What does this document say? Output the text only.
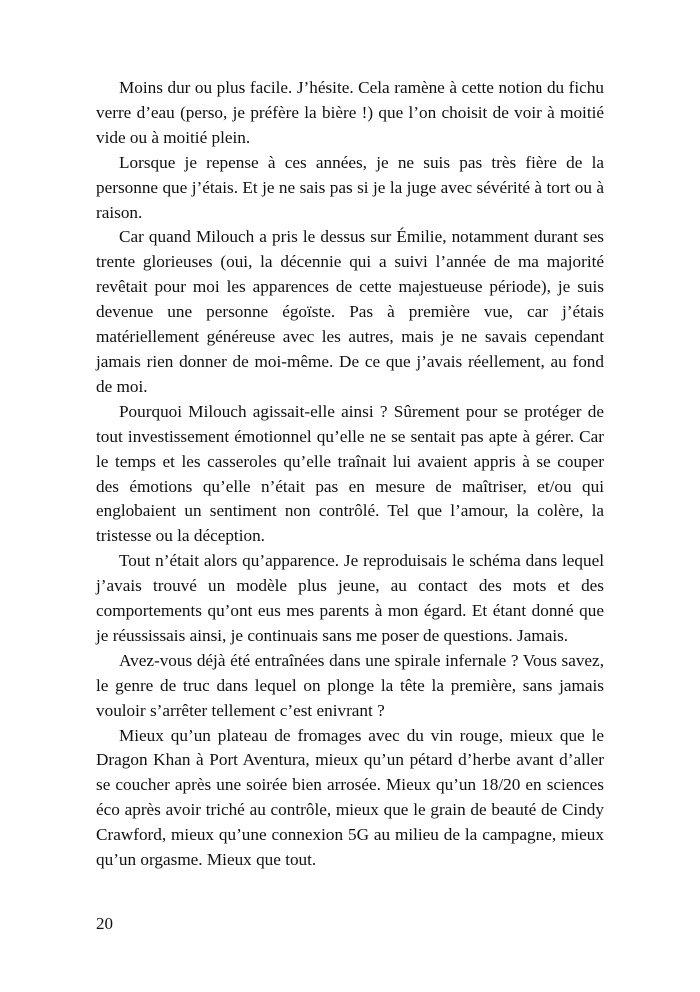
Moins dur ou plus facile. J’hésite. Cela ramène à cette notion du fichu verre d’eau (perso, je préfère la bière !) que l’on choisit de voir à moitié vide ou à moitié plein.

Lorsque je repense à ces années, je ne suis pas très fière de la personne que j’étais. Et je ne sais pas si je la juge avec sévérité à tort ou à raison.

Car quand Milouch a pris le dessus sur Émilie, notamment durant ses trente glorieuses (oui, la décennie qui a suivi l’année de ma majorité revêtait pour moi les apparences de cette majestueuse période), je suis devenue une personne égoïste. Pas à première vue, car j’étais matériellement généreuse avec les autres, mais je ne savais cependant jamais rien donner de moi-même. De ce que j’avais réellement, au fond de moi.

Pourquoi Milouch agissait-elle ainsi ? Sûrement pour se protéger de tout investissement émotionnel qu’elle ne se sentait pas apte à gérer. Car le temps et les casseroles qu’elle traînait lui avaient appris à se couper des émotions qu’elle n’était pas en mesure de maîtriser, et/ou qui englobaient un sentiment non contrôlé. Tel que l’amour, la colère, la tristesse ou la déception.

Tout n’était alors qu’apparence. Je reproduisais le schéma dans lequel j’avais trouvé un modèle plus jeune, au contact des mots et des comportements qu’ont eus mes parents à mon égard. Et étant donné que je réussissais ainsi, je continuais sans me poser de questions. Jamais.

Avez-vous déjà été entraînées dans une spirale infernale ? Vous savez, le genre de truc dans lequel on plonge la tête la première, sans jamais vouloir s’arrêter tellement c’est enivrant ?

Mieux qu’un plateau de fromages avec du vin rouge, mieux que le Dragon Khan à Port Aventura, mieux qu’un pétard d’herbe avant d’aller se coucher après une soirée bien arrosée. Mieux qu’un 18/20 en sciences éco après avoir triché au contrôle, mieux que le grain de beauté de Cindy Crawford, mieux qu’une connexion 5G au milieu de la campagne, mieux qu’un orgasme. Mieux que tout.

20
